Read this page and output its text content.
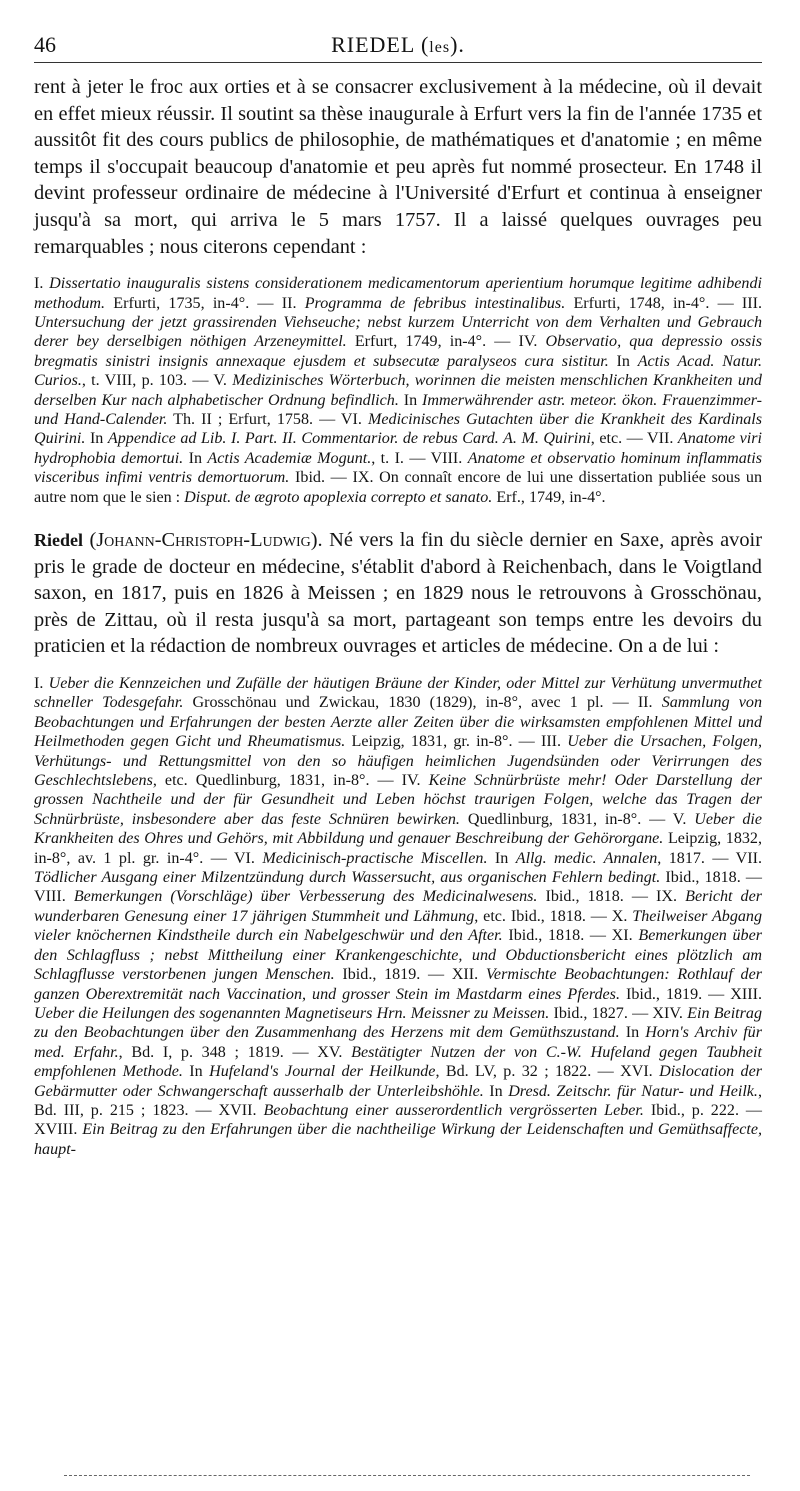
46	RIEDEL (les).

rent à jeter le froc aux orties et à se consacrer exclusivement à la médecine, où il devait en effet mieux réussir. Il soutint sa thèse inaugurale à Erfurt vers la fin de l'année 1735 et aussitôt fit des cours publics de philosophie, de mathématiques et d'anatomie ; en même temps il s'occupait beaucoup d'anatomie et peu après fut nommé prosecteur. En 1748 il devint professeur ordinaire de médecine à l'Université d'Erfurt et continua à enseigner jusqu'à sa mort, qui arriva le 5 mars 1757. Il a laissé quelques ouvrages peu remarquables ; nous citerons cependant :

I. Dissertatio inauguralis sistens considerationem medicamentorum aperientium horumque legitime adhibendi methodum. Erfurti, 1735, in-4°. — II. Programma de febribus intestinalibus. Erfurti, 1748, in-4°. — III. Untersuchung der jetzt grassirenden Viehseuche; nebst kurzem Unterricht von dem Verhalten und Gebrauch derer bey derselbigen nöthigen Arzeneymittel. Erfurt, 1749, in-4°. — IV. Observatio, qua depressio ossis bregmatis sinistri insignis annexaque ejusdem et subsecutæ paralyseos cura sistitur. In Actis Acad. Natur. Curios., t. VIII, p. 103. — V. Medizinisches Wörterbuch, worinnen die meisten menschlichen Krankheiten und derselben Kur nach alphabetischer Ordnung befindlich. In Immerwährender astr. meteor. ökon. Frauenzimmer- und Hand-Calender. Th. II ; Erfurt, 1758. — VI. Medicinisches Gutachten über die Krankheit des Kardinals Quirini. In Appendice ad Lib. I. Part. II. Commentarior. de rebus Card. A. M. Quirini, etc. — VII. Anatome viri hydrophobia demortui. In Actis Academiæ Mogunt., t. I. — VIII. Anatome et observatio hominum inflammatis visceribus infimi ventris demortuorum. Ibid. — IX. On connaît encore de lui une dissertation publiée sous un autre nom que le sien : Disput. de ægroto apoplexia correpto et sanato. Erf., 1749, in-4°.

Riedel (Johann-Christoph-Ludwig). Né vers la fin du siècle dernier en Saxe, après avoir pris le grade de docteur en médecine, s'établit d'abord à Reichenbach, dans le Voigtland saxon, en 1817, puis en 1826 à Meissen ; en 1829 nous le retrouvons à Grosschönau, près de Zittau, où il resta jusqu'à sa mort, partageant son temps entre les devoirs du praticien et la rédaction de nombreux ouvrages et articles de médecine. On a de lui :

I. Ueber die Kennzeichen und Zufälle der häutigen Bräune der Kinder, oder Mittel zur Verhütung unvermuthet schneller Todesgefahr. Grosschönau und Zwickau, 1830 (1829), in-8°, avec 1 pl. — II. Sammlung von Beobachtungen und Erfahrungen der besten Aerzte aller Zeiten über die wirksamsten empfohlenen Mittel und Heilmethoden gegen Gicht und Rheumatismus. Leipzig, 1831, gr. in-8°. — III. Ueber die Ursachen, Folgen, Verhütungs- und Rettungsmittel von den so häufigen heimlichen Jugendsünden oder Verirrungen des Geschlechtslebens, etc. Quedlinburg, 1831, in-8°. — IV. Keine Schnürbrüste mehr! Oder Darstellung der grossen Nachtheile und der für Gesundheit und Leben höchst traurigen Folgen, welche das Tragen der Schnürbrüste, insbesondere aber das feste Schnüren bewirken. Quedlinburg, 1831, in-8°. — V. Ueber die Krankheiten des Ohres und Gehörs, mit Abbildung und genauer Beschreibung der Gehörorgane. Leipzig, 1832, in-8°, av. 1 pl. gr. in-4°. — VI. Medicinisch-practische Miscellen. In Allg. medic. Annalen, 1817. — VII. Tödlicher Ausgang einer Milzentzündung durch Wassersucht, aus organischen Fehlern bedingt. Ibid., 1818. — VIII. Bemerkungen (Vorschläge) über Verbesserung des Medicinalwesens. Ibid., 1818. — IX. Bericht der wunderbaren Genesung einer 17 jährigen Stummheit und Lähmung, etc. Ibid., 1818. — X. Theilweiser Abgang vieler knöchernen Kindstheile durch ein Nabelgeschwür und den After. Ibid., 1818. — XI. Bemerkungen über den Schlagfluss ; nebst Mittheilung einer Krankengeschichte, und Obductionsbericht eines plötzlich am Schlagflusse verstorbenen jungen Menschen. Ibid., 1819. — XII. Vermischte Beobachtungen: Rothlauf der ganzen Oberextremität nach Vaccination, und grosser Stein im Mastdarm eines Pferdes. Ibid., 1819. — XIII. Ueber die Heilungen des sogenannten Magnetiseurs Hrn. Meissner zu Meissen. Ibid., 1827. — XIV. Ein Beitrag zu den Beobachtungen über den Zusammenhang des Herzens mit dem Gemüthszustand. In Horn's Archiv für med. Erfahr., Bd. I, p. 348 ; 1819. — XV. Bestätigter Nutzen der von C.-W. Hufeland gegen Taubheit empfohlenen Methode. In Hufeland's Journal der Heilkunde, Bd. LV, p. 32 ; 1822. — XVI. Dislocation der Gebärmutter oder Schwangerschaft ausserhalb der Unterleibshöhle. In Dresd. Zeitschr. für Natur- und Heilk., Bd. III, p. 215 ; 1823. — XVII. Beobachtung einer ausserordentlich vergrösserten Leber. Ibid., p. 222. — XVIII. Ein Beitrag zu den Erfahrungen über die nachtheilige Wirkung der Leidenschaften und Gemüthsaffecte, haupt-
